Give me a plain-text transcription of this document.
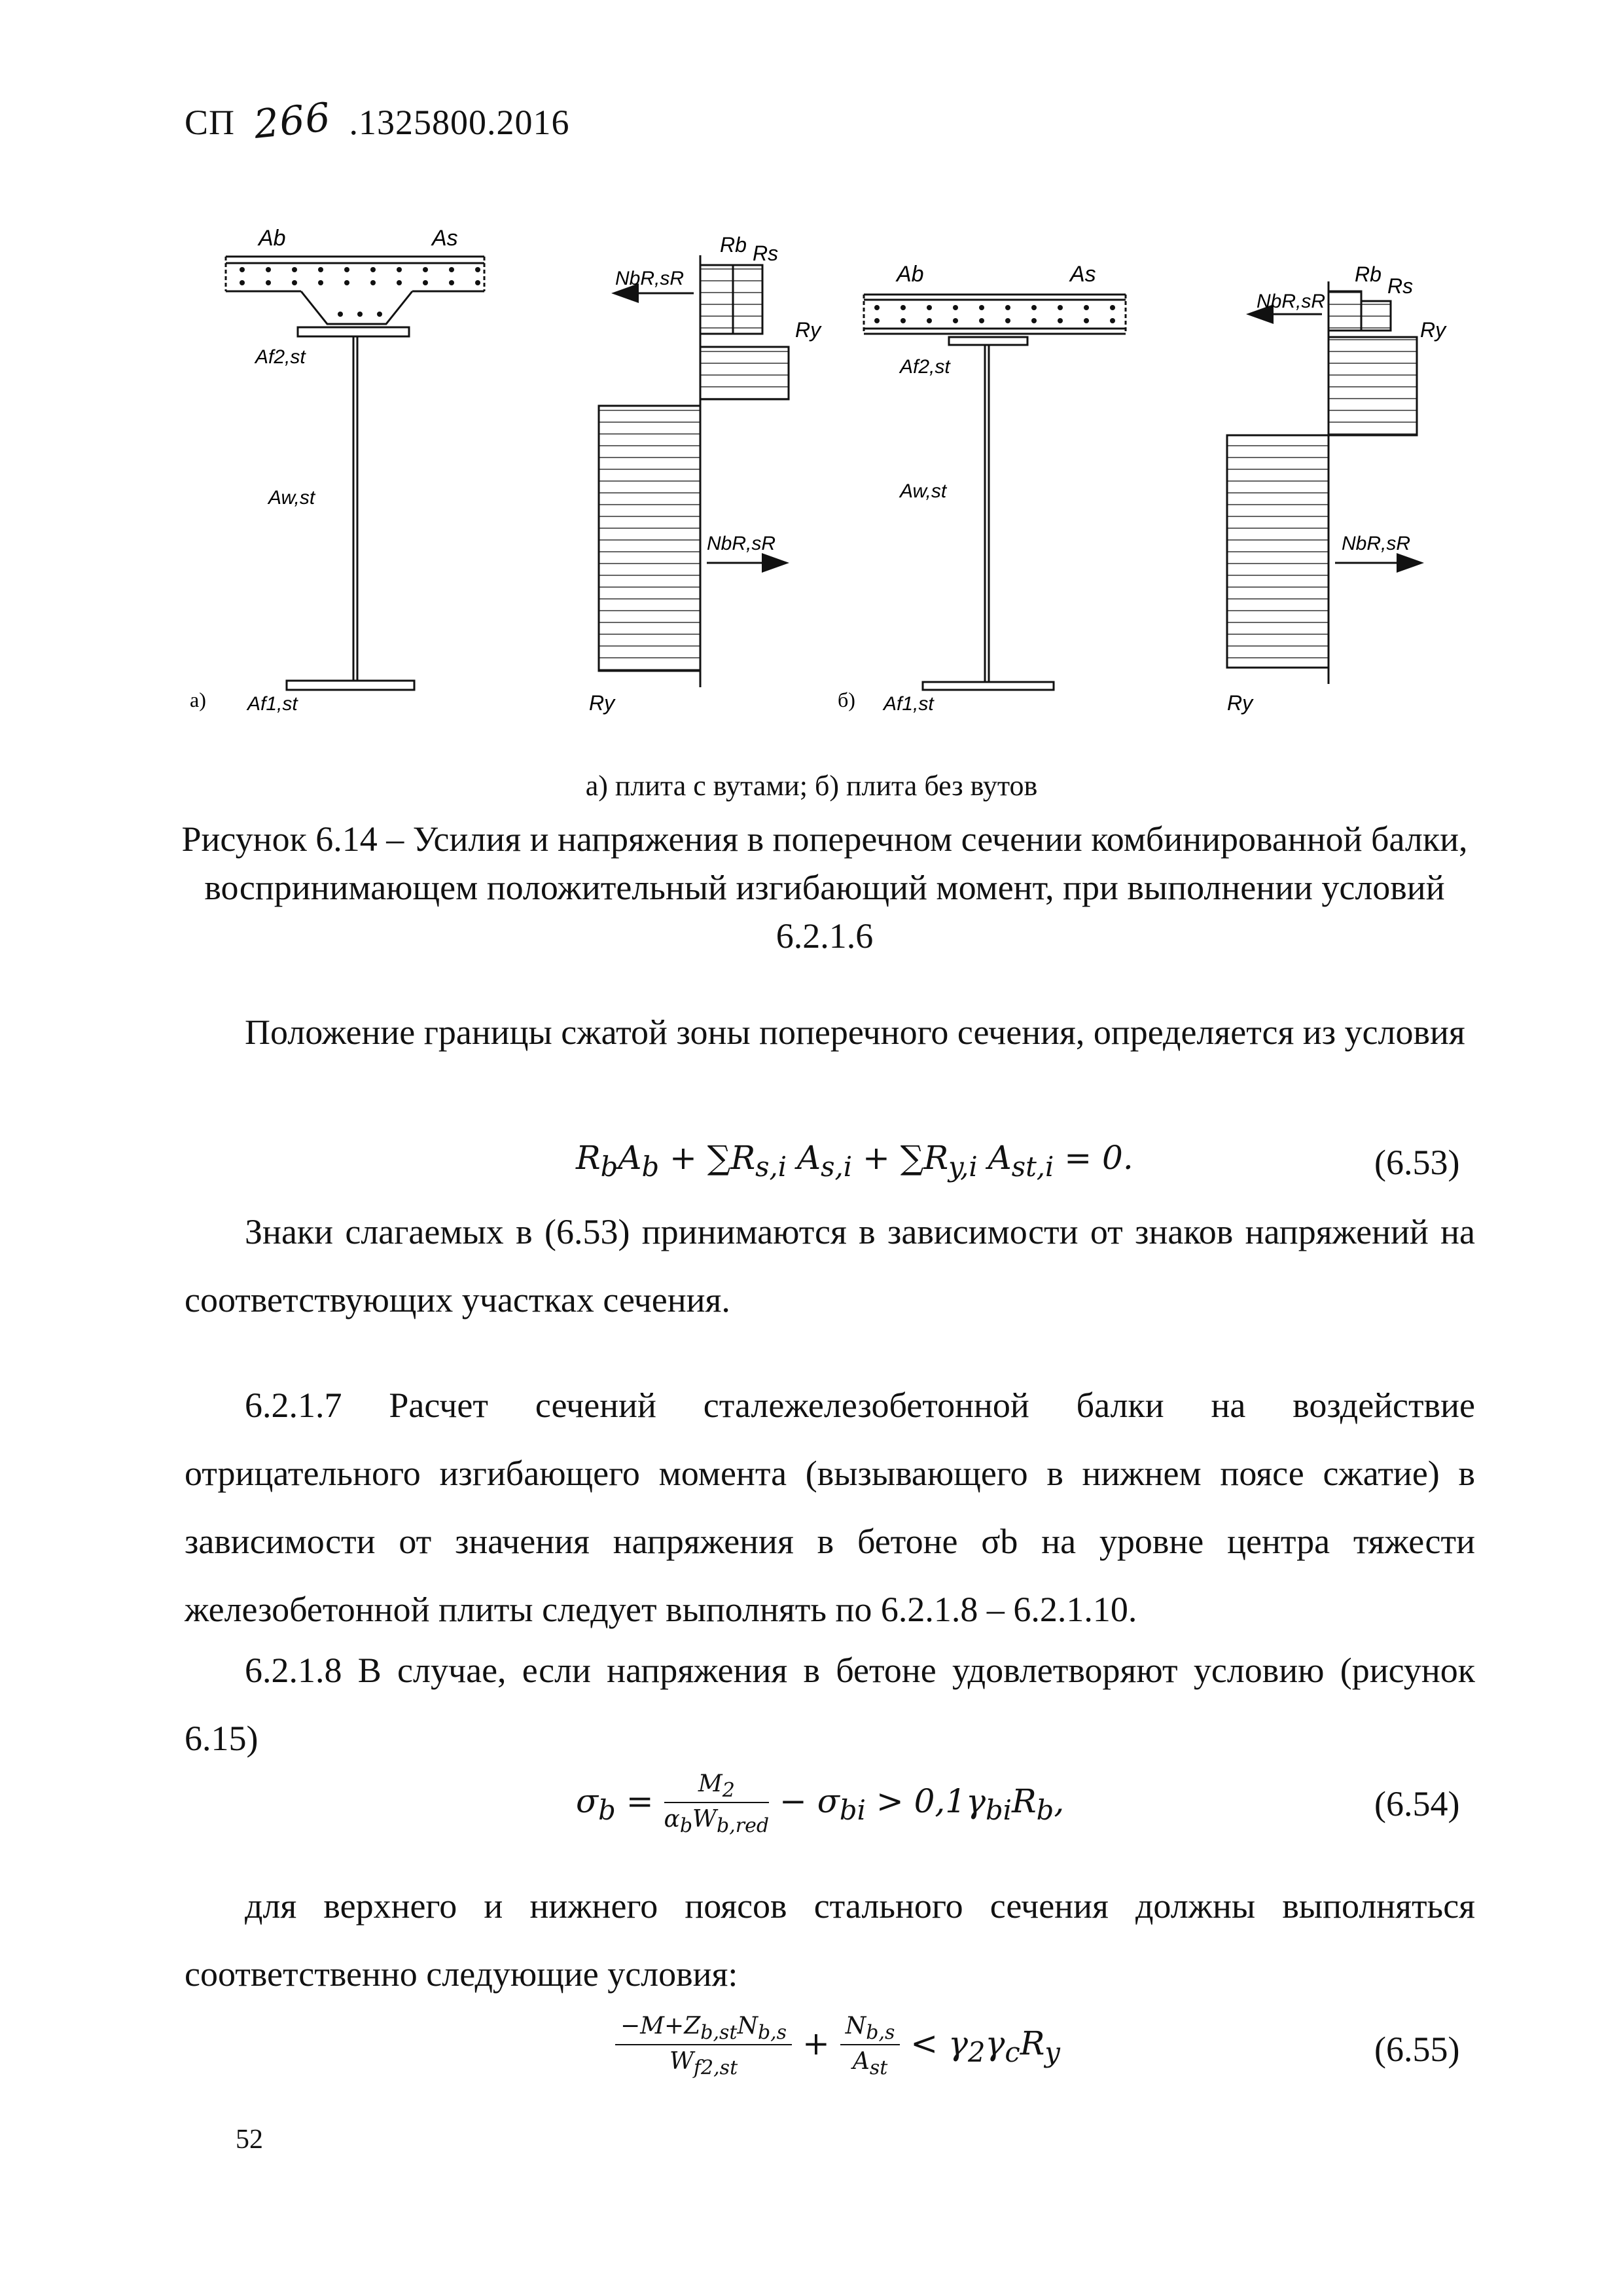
СП 266 .1325800.2016
Ab	As
Af2,st
Aw,st
Af1,st
а)
NbR,sR
Rb Rs
Ry
NbR,sR
Ry
Ab	As
Af2,st
Aw,st
Af1,st
б)
NbR,sR
Rb Rs
Ry
NbR,sR
Ry
а) плита с вутами; б) плита без вутов
Рисунок 6.14 – Усилия и напряжения в поперечном сечении комбинированной балки, воспринимающем положительный изгибающий момент, при выполнении условий 6.2.1.6
Положение границы сжатой зоны поперечного сечения, определяется из условия
$R_bA_b + \sum R_{s,i}$ $A_{s,i} + \sum R_{y,i}$ $A_{st,i} = 0$.	(6.53)
Знаки слагаемых в (6.53) принимаются в зависимости от знаков напряжений на соответствующих участках сечения.
6.2.1.7 Расчет сечений сталежелезобетонной балки на воздействие отрицательного изгибающего момента (вызывающего в нижнем поясе сжатие) в зависимости от значения напряжения в бетоне σb на уровне центра тяжести железобетонной плиты следует выполнять по 6.2.1.8 – 6.2.1.10.
6.2.1.8 В случае, если напряжения в бетоне удовлетворяют условию (рисунок 6.15)
$\sigma_b = \frac{M_2}{\alpha_bW_{b,red}} - \sigma_{bi} > 0,1\gamma_{bi}R_b$,	(6.54)
для верхнего и нижнего поясов стального сечения должны выполняться соответственно следующие условия:
$\frac{-M+Z_{b,st}N_{b,s}}{W_{f2,st}} + \frac{N_{b,s}}{A_{st}} < \gamma_2\gamma_cR_y$	(6.55)
52
